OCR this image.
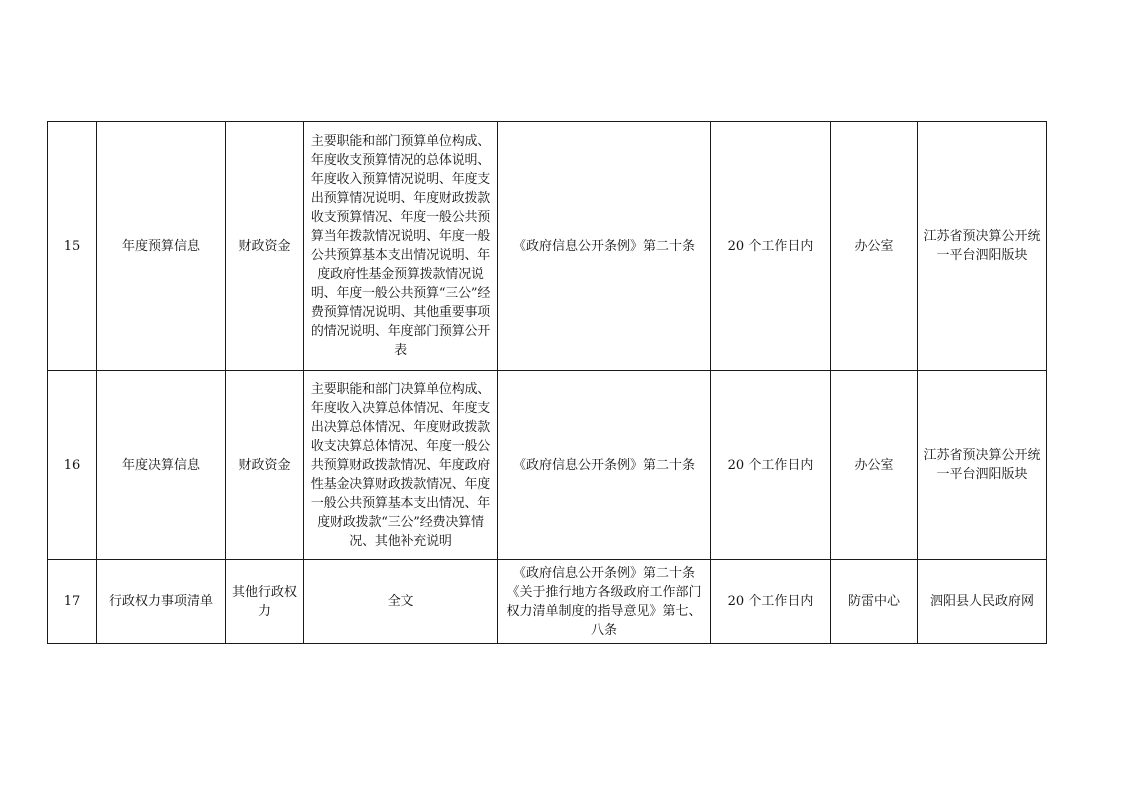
15	年度预算信息	财政资金	主要职能和部门预算单位构成、年度收支预算情况的总体说明、年度收入预算情况说明、年度支出预算情况说明、年度财政拨款收支预算情况、年度一般公共预算当年拨款情况说明、年度一般公共预算基本支出情况说明、年度政府性基金预算拨款情况说明、年度一般公共预算“三公”经费预算情况说明、其他重要事项的情况说明、年度部门预算公开表	《政府信息公开条例》第二十条	20 个工作日内	办公室	江苏省预决算公开统一平台泗阳版块
16	年度决算信息	财政资金	主要职能和部门决算单位构成、年度收入决算总体情况、年度支出决算总体情况、年度财政拨款收支决算总体情况、年度一般公共预算财政拨款情况、年度政府性基金决算财政拨款情况、年度一般公共预算基本支出情况、年度财政拨款“三公”经费决算情况、其他补充说明	《政府信息公开条例》第二十条	20 个工作日内	办公室	江苏省预决算公开统一平台泗阳版块
17	行政权力事项清单	其他行政权力	全文	《政府信息公开条例》第二十条《关于推行地方各级政府工作部门权力清单制度的指导意见》第七、八条	20 个工作日内	防雷中心	泗阳县人民政府网
